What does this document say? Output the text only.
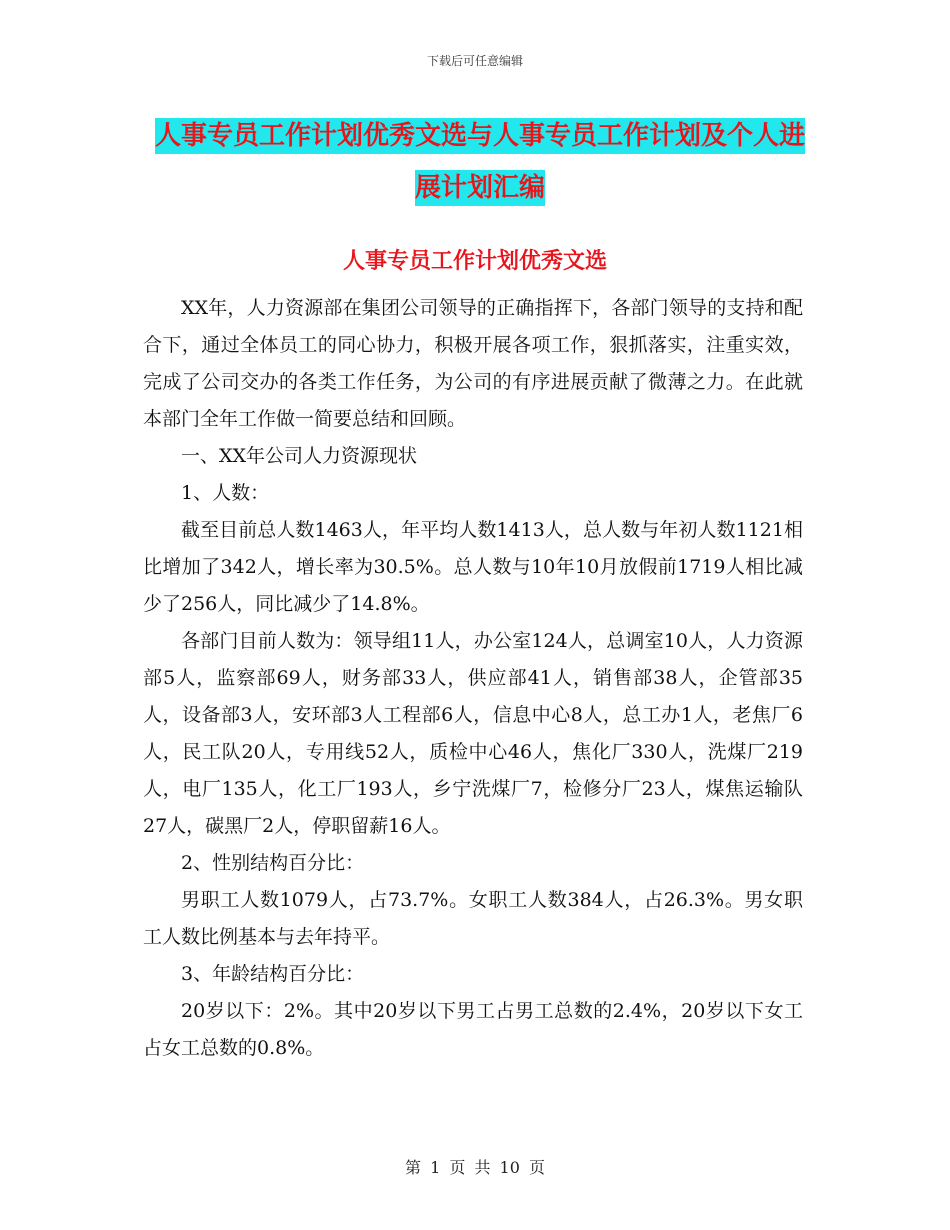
下载后可任意编辑
人事专员工作计划优秀文选与人事专员工作计划及个人进展计划汇编
人事专员工作计划优秀文选

XX年，人力资源部在集团公司领导的正确指挥下，各部门领导的支持和配合下，通过全体员工的同心协力，积极开展各项工作，狠抓落实，注重实效，完成了公司交办的各类工作任务，为公司的有序进展贡献了微薄之力。在此就本部门全年工作做一简要总结和回顾。

一、XX年公司人力资源现状

1、人数：

截至目前总人数1463人，年平均人数1413人，总人数与年初人数1121相比增加了342人，增长率为30.5%。总人数与10年10月放假前1719人相比减少了256人，同比减少了14.8%。

各部门目前人数为：领导组11人，办公室124人，总调室10人，人力资源部5人，监察部69人，财务部33人，供应部41人，销售部38人，企管部35人，设备部3人，安环部3人工程部6人，信息中心8人，总工办1人，老焦厂6人，民工队20人，专用线52人，质检中心46人，焦化厂330人，洗煤厂219人，电厂135人，化工厂193人，乡宁洗煤厂7，检修分厂23人，煤焦运输队27人，碳黑厂2人，停职留薪16人。

2、性别结构百分比：

男职工人数1079人，占73.7%。女职工人数384人，占26.3%。男女职工人数比例基本与去年持平。

3、年龄结构百分比：

20岁以下：2%。其中20岁以下男工占男工总数的2.4%，20岁以下女工占女工总数的0.8%。

第 1 页 共 10 页
